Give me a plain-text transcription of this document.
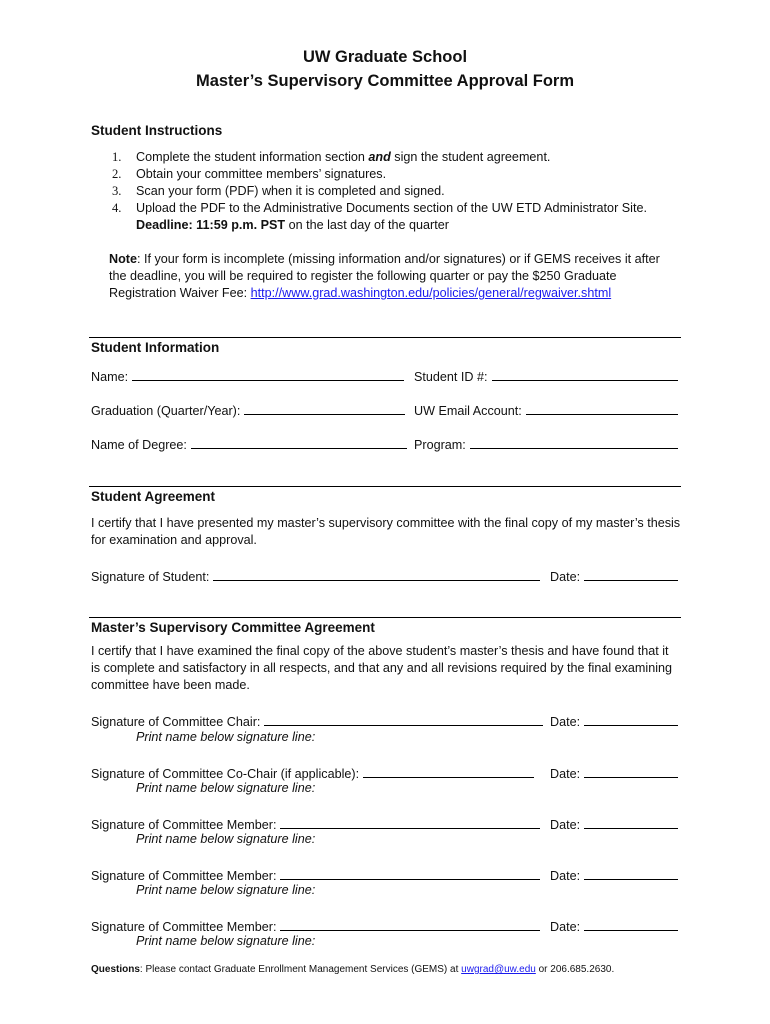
UW Graduate School
Master’s Supervisory Committee Approval Form
Student Instructions
1. Complete the student information section and sign the student agreement.
2. Obtain your committee members’ signatures.
3. Scan your form (PDF) when it is completed and signed.
4. Upload the PDF to the Administrative Documents section of the UW ETD Administrator Site.
Deadline: 11:59 p.m. PST on the last day of the quarter
Note: If your form is incomplete (missing information and/or signatures) or if GEMS receives it after
the deadline, you will be required to register the following quarter or pay the $250 Graduate
Registration Waiver Fee: http://www.grad.washington.edu/policies/general/regwaiver.shtml
Student Information
Name:	Student ID #:
Graduation (Quarter/Year):	UW Email Account:
Name of Degree:	Program:
Student Agreement
I certify that I have presented my master’s supervisory committee with the final copy of my master’s thesis for examination and approval.
Signature of Student:	Date:
Master’s Supervisory Committee Agreement
I certify that I have examined the final copy of the above student’s master’s thesis and have found that it is complete and satisfactory in all respects, and that any and all revisions required by the final examining committee have been made.
Signature of Committee Chair:	Date:
Print name below signature line:
Signature of Committee Co-Chair (if applicable):	Date:
Print name below signature line:
Signature of Committee Member:	Date:
Print name below signature line:
Signature of Committee Member:	Date:
Print name below signature line:
Signature of Committee Member:	Date:
Print name below signature line:
Questions: Please contact Graduate Enrollment Management Services (GEMS) at uwgrad@uw.edu or 206.685.2630.
